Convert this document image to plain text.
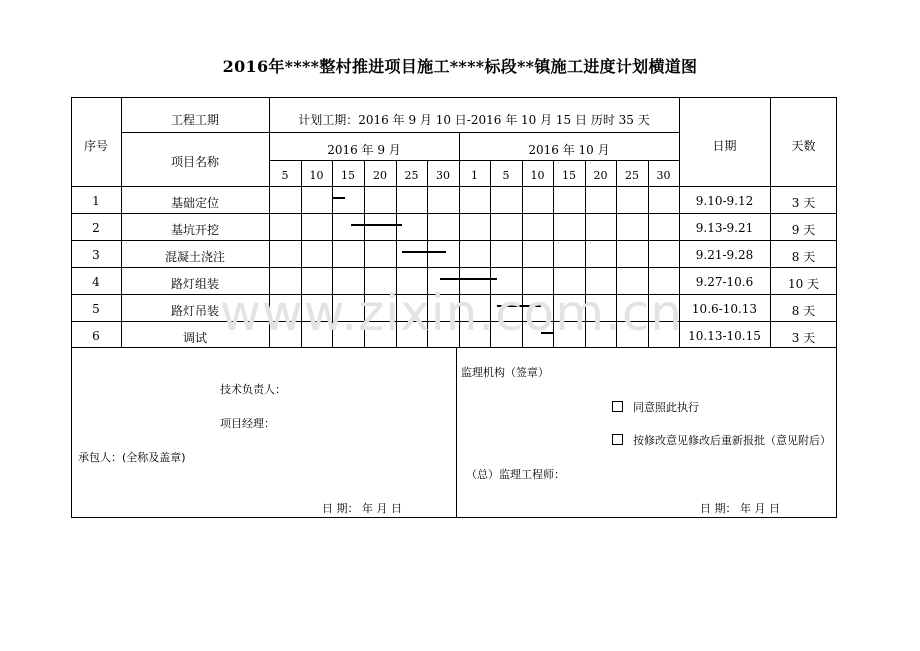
2016年****整村推进项目施工****标段**镇施工进度计划横道图
序号
工程工期	计划工期：2016 年 9 月 10 日-2016 年 10 月 15 日 历时 35 天
项目名称
2016 年 9 月	2016 年 10 月	日期	天数
5	10	15	20	25	30	1	5	10	15	20	25	30
1	基础定位	9.10-9.12	3 天
2	基坑开挖	9.13-9.21	9 天
3	混凝土浇注	9.21-9.28	8 天
4	路灯组装	9.27-10.6	10 天
5	路灯吊装	10.6-10.13	8 天
6	调试	10.13-10.15	3 天
www.zixin.com.cn
技术负责人：
项目经理：
承包人：(全称及盖章)
日 期： 年 月 日
监理机构（签章）
同意照此执行
按修改意见修改后重新报批（意见附后）
（总）监理工程师：
日 期： 年 月 日
